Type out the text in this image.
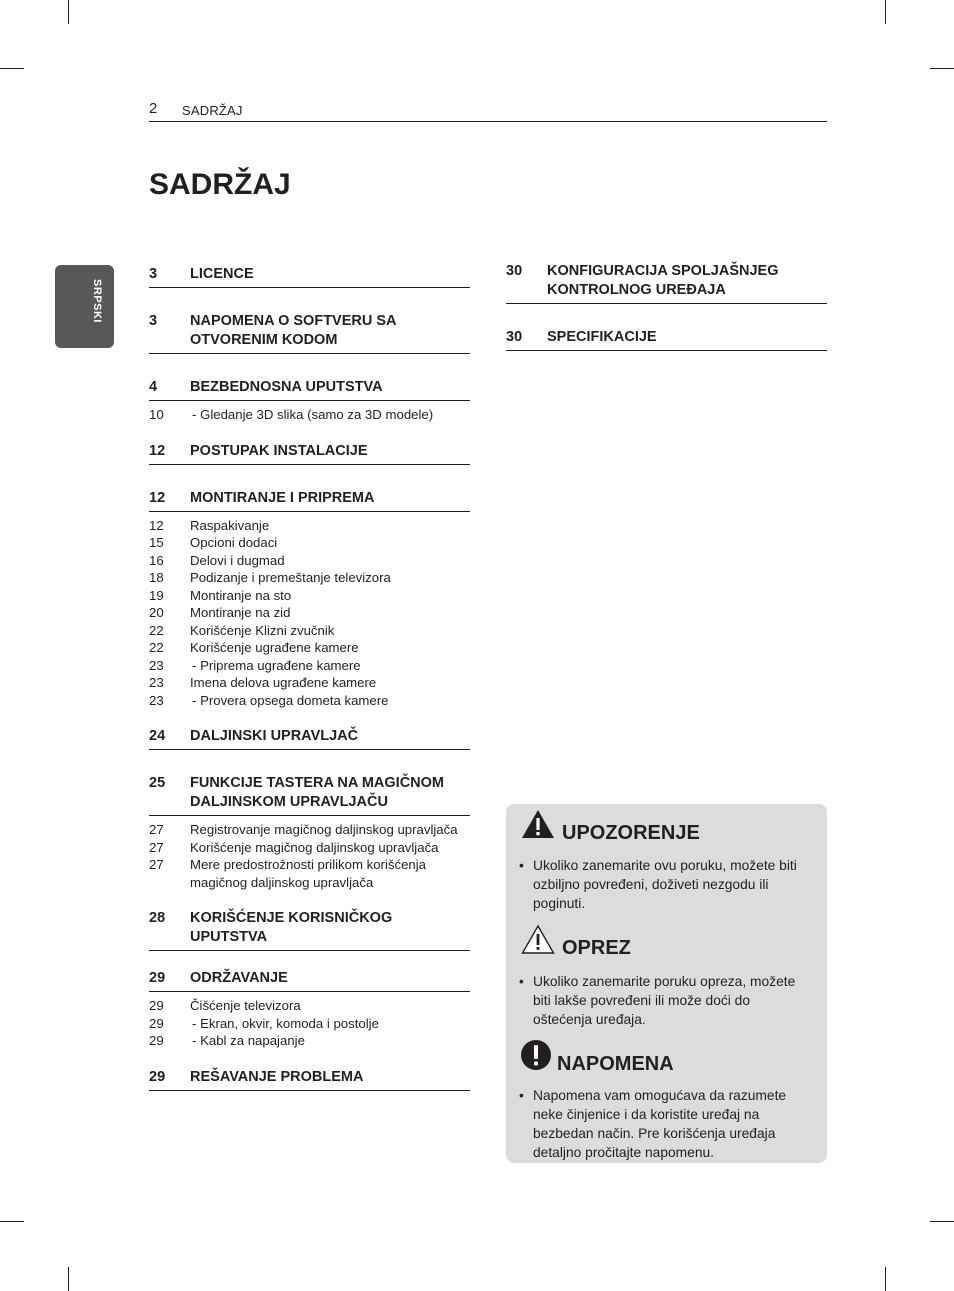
2 SADRŽAJ
SADRŽAJ
SRPSKI
3	LICENCE
3	NAPOMENA O SOFTVERU SA OTVORENIM KODOM
4	BEZBEDNOSNA UPUTSTVA
10	- Gledanje 3D slika (samo za 3D modele)
12	POSTUPAK INSTALACIJE
12	MONTIRANJE I PRIPREMA
12	Raspakivanje
15	Opcioni dodaci
16	Delovi i dugmad
18	Podizanje i premeštanje televizora
19	Montiranje na sto
20	Montiranje na zid
22	Korišćenje Klizni zvučnik
22	Korišćenje ugrađene kamere
23	- Priprema ugrađene kamere
23	Imena delova ugrađene kamere
23	- Provera opsega dometa kamere
24	DALJINSKI UPRAVLJAČ
25	FUNKCIJE TASTERA NA MAGIČNOM DALJINSKOM UPRAVLJAČU
27	Registrovanje magičnog daljinskog upravljača
27	Korišćenje magičnog daljinskog upravljača
27	Mere predostrožnosti prilikom korišćenja magičnog daljinskog upravljača
28	KORIŠĆENJE KORISNIČKOG UPUTSTVA
29	ODRŽAVANJE
29	Čišćenje televizora
29	- Ekran, okvir, komoda i postolje
29	- Kabl za napajanje
29	REŠAVANJE PROBLEMA
30	KONFIGURACIJA SPOLJAŠNJEG KONTROLNOG UREĐAJA
30	SPECIFIKACIJE
UPOZORENJE
• Ukoliko zanemarite ovu poruku, možete biti ozbiljno povređeni, doživeti nezgodu ili poginuti.
OPREZ
• Ukoliko zanemarite poruku opreza, možete biti lakše povređeni ili može doći do oštećenja uređaja.
NAPOMENA
• Napomena vam omogućava da razumete neke činjenice i da koristite uređaj na bezbedan način. Pre korišćenja uređaja detaljno pročitajte napomenu.
